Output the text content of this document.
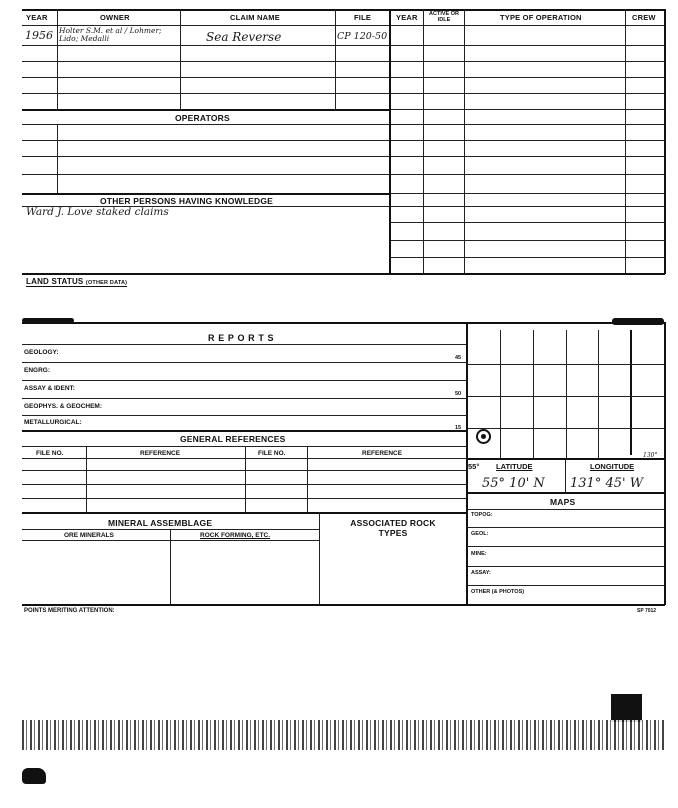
YEAR	OWNER	CLAIM NAME	FILE
1956 Holter S.M. et al / Lohmer; Lido; Medalli	Sea Reverse	CP 120-50
OPERATORS
OTHER PERSONS HAVING KNOWLEDGE
Ward J. Love staked claims
YEAR	ACTIVE OR IDLE	TYPE OF OPERATION	CREW
LAND STATUS (OTHER DATA)
R E P O R T S
GEOLOGY:
45
ENGRG:
ASSAY & IDENT:
50
GEOPHYS. & GEOCHEM:
METALLURGICAL:
15
GENERAL REFERENCES
FILE NO.	REFERENCE	FILE NO.	REFERENCE
MINERAL ASSEMBLAGE	ASSOCIATED ROCK TYPES
ORE MINERALS	ROCK FORMING, ETC.
55° LATITUDE	LONGITUDE
130°
55° 10' N 131° 45' W
MAPS
TOPOG:
GEOL:
MINE:
ASSAY:
OTHER (& PHOTOS)
POINTS MERITING ATTENTION:	SP 7012
